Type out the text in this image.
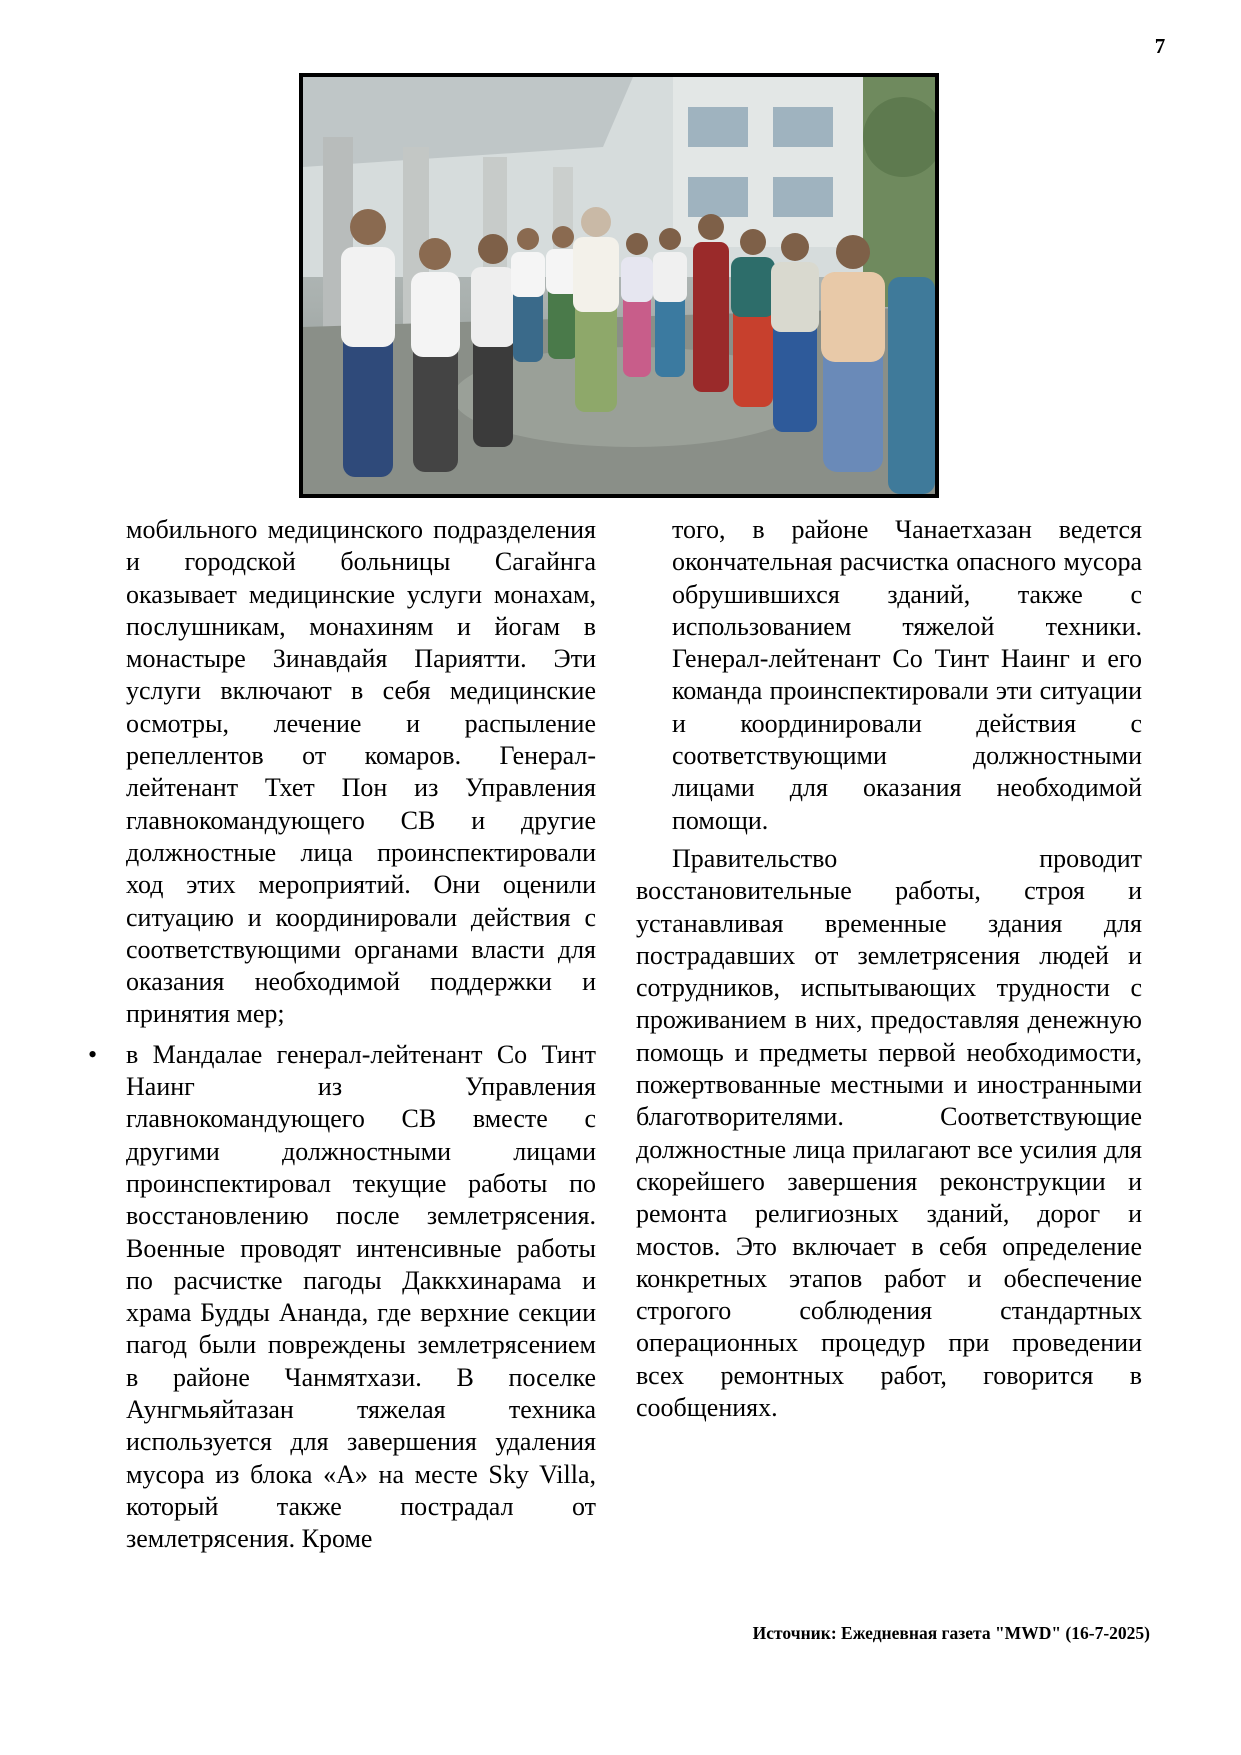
7

мобильного медицинского подразделения и городской больницы Сагайнга оказывает медицинские услуги монахам, послушникам, монахиням и йогам в монастыре Зинавдайя Париятти. Эти услуги включают в себя медицинские осмотры, лечение и распыление репеллентов от комаров. Генерал-лейтенант Тхет Пон из Управления главнокомандующего СВ и другие должностные лица проинспектировали ход этих мероприятий. Они оценили ситуацию и координировали действия с соответствующими органами власти для оказания необходимой поддержки и принятия мер;

• в Мандалае генерал-лейтенант Со Тинт Наинг из Управления главнокомандующего СВ вместе с другими должностными лицами проинспектировал текущие работы по восстановлению после землетрясения. Военные проводят интенсивные работы по расчистке пагоды Даккхинарама и храма Будды Ананда, где верхние секции пагод были повреждены землетрясением в районе Чанмятхази. В поселке Аунгмьяйтазан тяжелая техника используется для завершения удаления мусора из блока «А» на месте Sky Villa, который также пострадал от землетрясения. Кроме

того, в районе Чанаетхазан ведется окончательная расчистка опасного мусора обрушившихся зданий, также с использованием тяжелой техники. Генерал-лейтенант Со Тинт Наинг и его команда проинспектировали эти ситуации и координировали действия с соответствующими должностными лицами для оказания необходимой помощи.

Правительство проводит восстановительные работы, строя и устанавливая временные здания для пострадавших от землетрясения людей и сотрудников, испытывающих трудности с проживанием в них, предоставляя денежную помощь и предметы первой необходимости, пожертвованные местными и иностранными благотворителями. Соответствующие должностные лица прилагают все усилия для скорейшего завершения реконструкции и ремонта религиозных зданий, дорог и мостов. Это включает в себя определение конкретных этапов работ и обеспечение строгого соблюдения стандартных операционных процедур при проведении всех ремонтных работ, говорится в сообщениях.

Источник: Ежедневная газета "MWD" (16-7-2025)
